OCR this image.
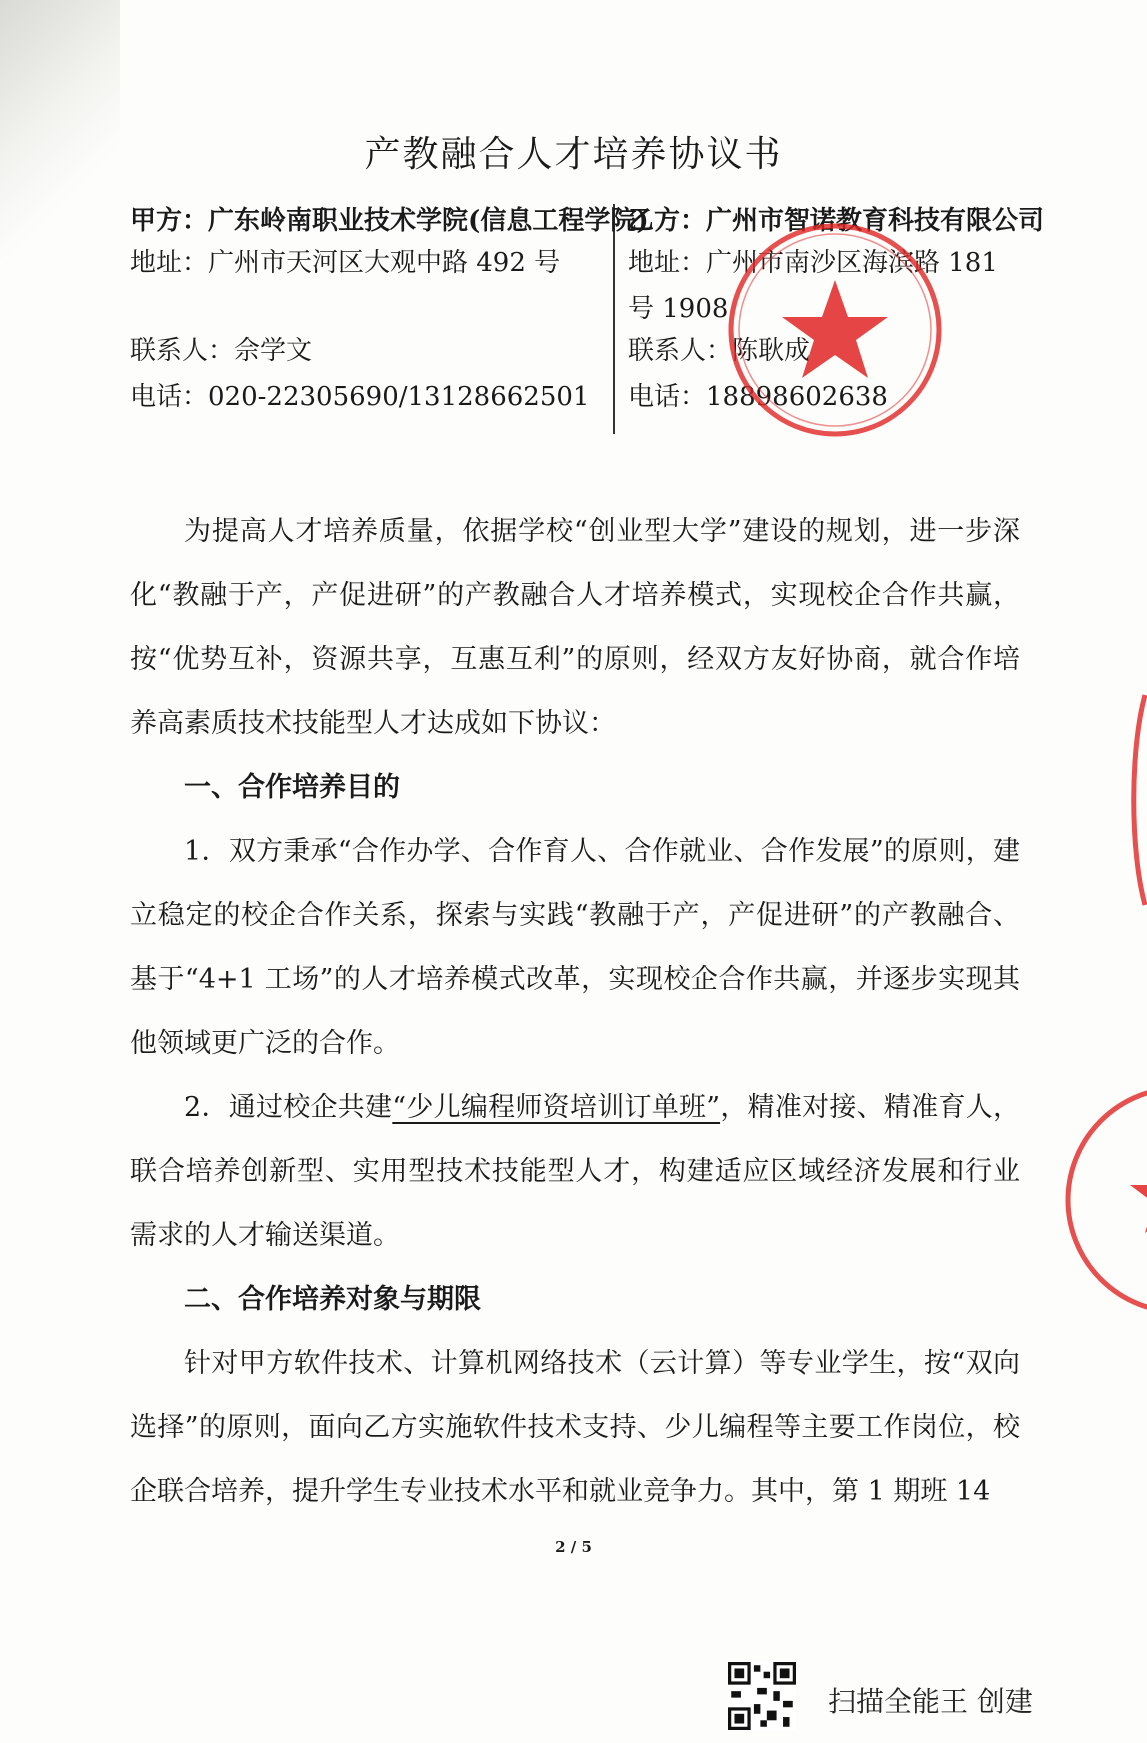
产教融合人才培养协议书
甲方：广东岭南职业技术学院(信息工程学院)
地址：广州市天河区大观中路 492 号
联系人：佘学文
电话：020-22305690/13128662501
乙方：广州市智诺教育科技有限公司
地址：广州市南沙区海滨路 181
号 1908
联系人：陈耿成
电话：18898602638

为提高人才培养质量，依据学校“创业型大学”建设的规划，进一步深化“教融于产，产促进研”的产教融合人才培养模式，实现校企合作共赢，按“优势互补，资源共享，互惠互利”的原则，经双方友好协商，就合作培养高素质技术技能型人才达成如下协议：

一、合作培养目的

1．双方秉承“合作办学、合作育人、合作就业、合作发展”的原则，建立稳定的校企合作关系，探索与实践“教融于产，产促进研”的产教融合、基于“4+1 工场”的人才培养模式改革，实现校企合作共赢，并逐步实现其他领域更广泛的合作。

2．通过校企共建“少儿编程师资培训订单班”，精准对接、精准育人，联合培养创新型、实用型技术技能型人才，构建适应区域经济发展和行业需求的人才输送渠道。

二、合作培养对象与期限

针对甲方软件技术、计算机网络技术（云计算）等专业学生，按“双向选择”的原则，面向乙方实施软件技术支持、少儿编程等主要工作岗位，校企联合培养，提升学生专业技术水平和就业竞争力。其中，第 1 期班 14

2 / 5
扫描全能王 创建
